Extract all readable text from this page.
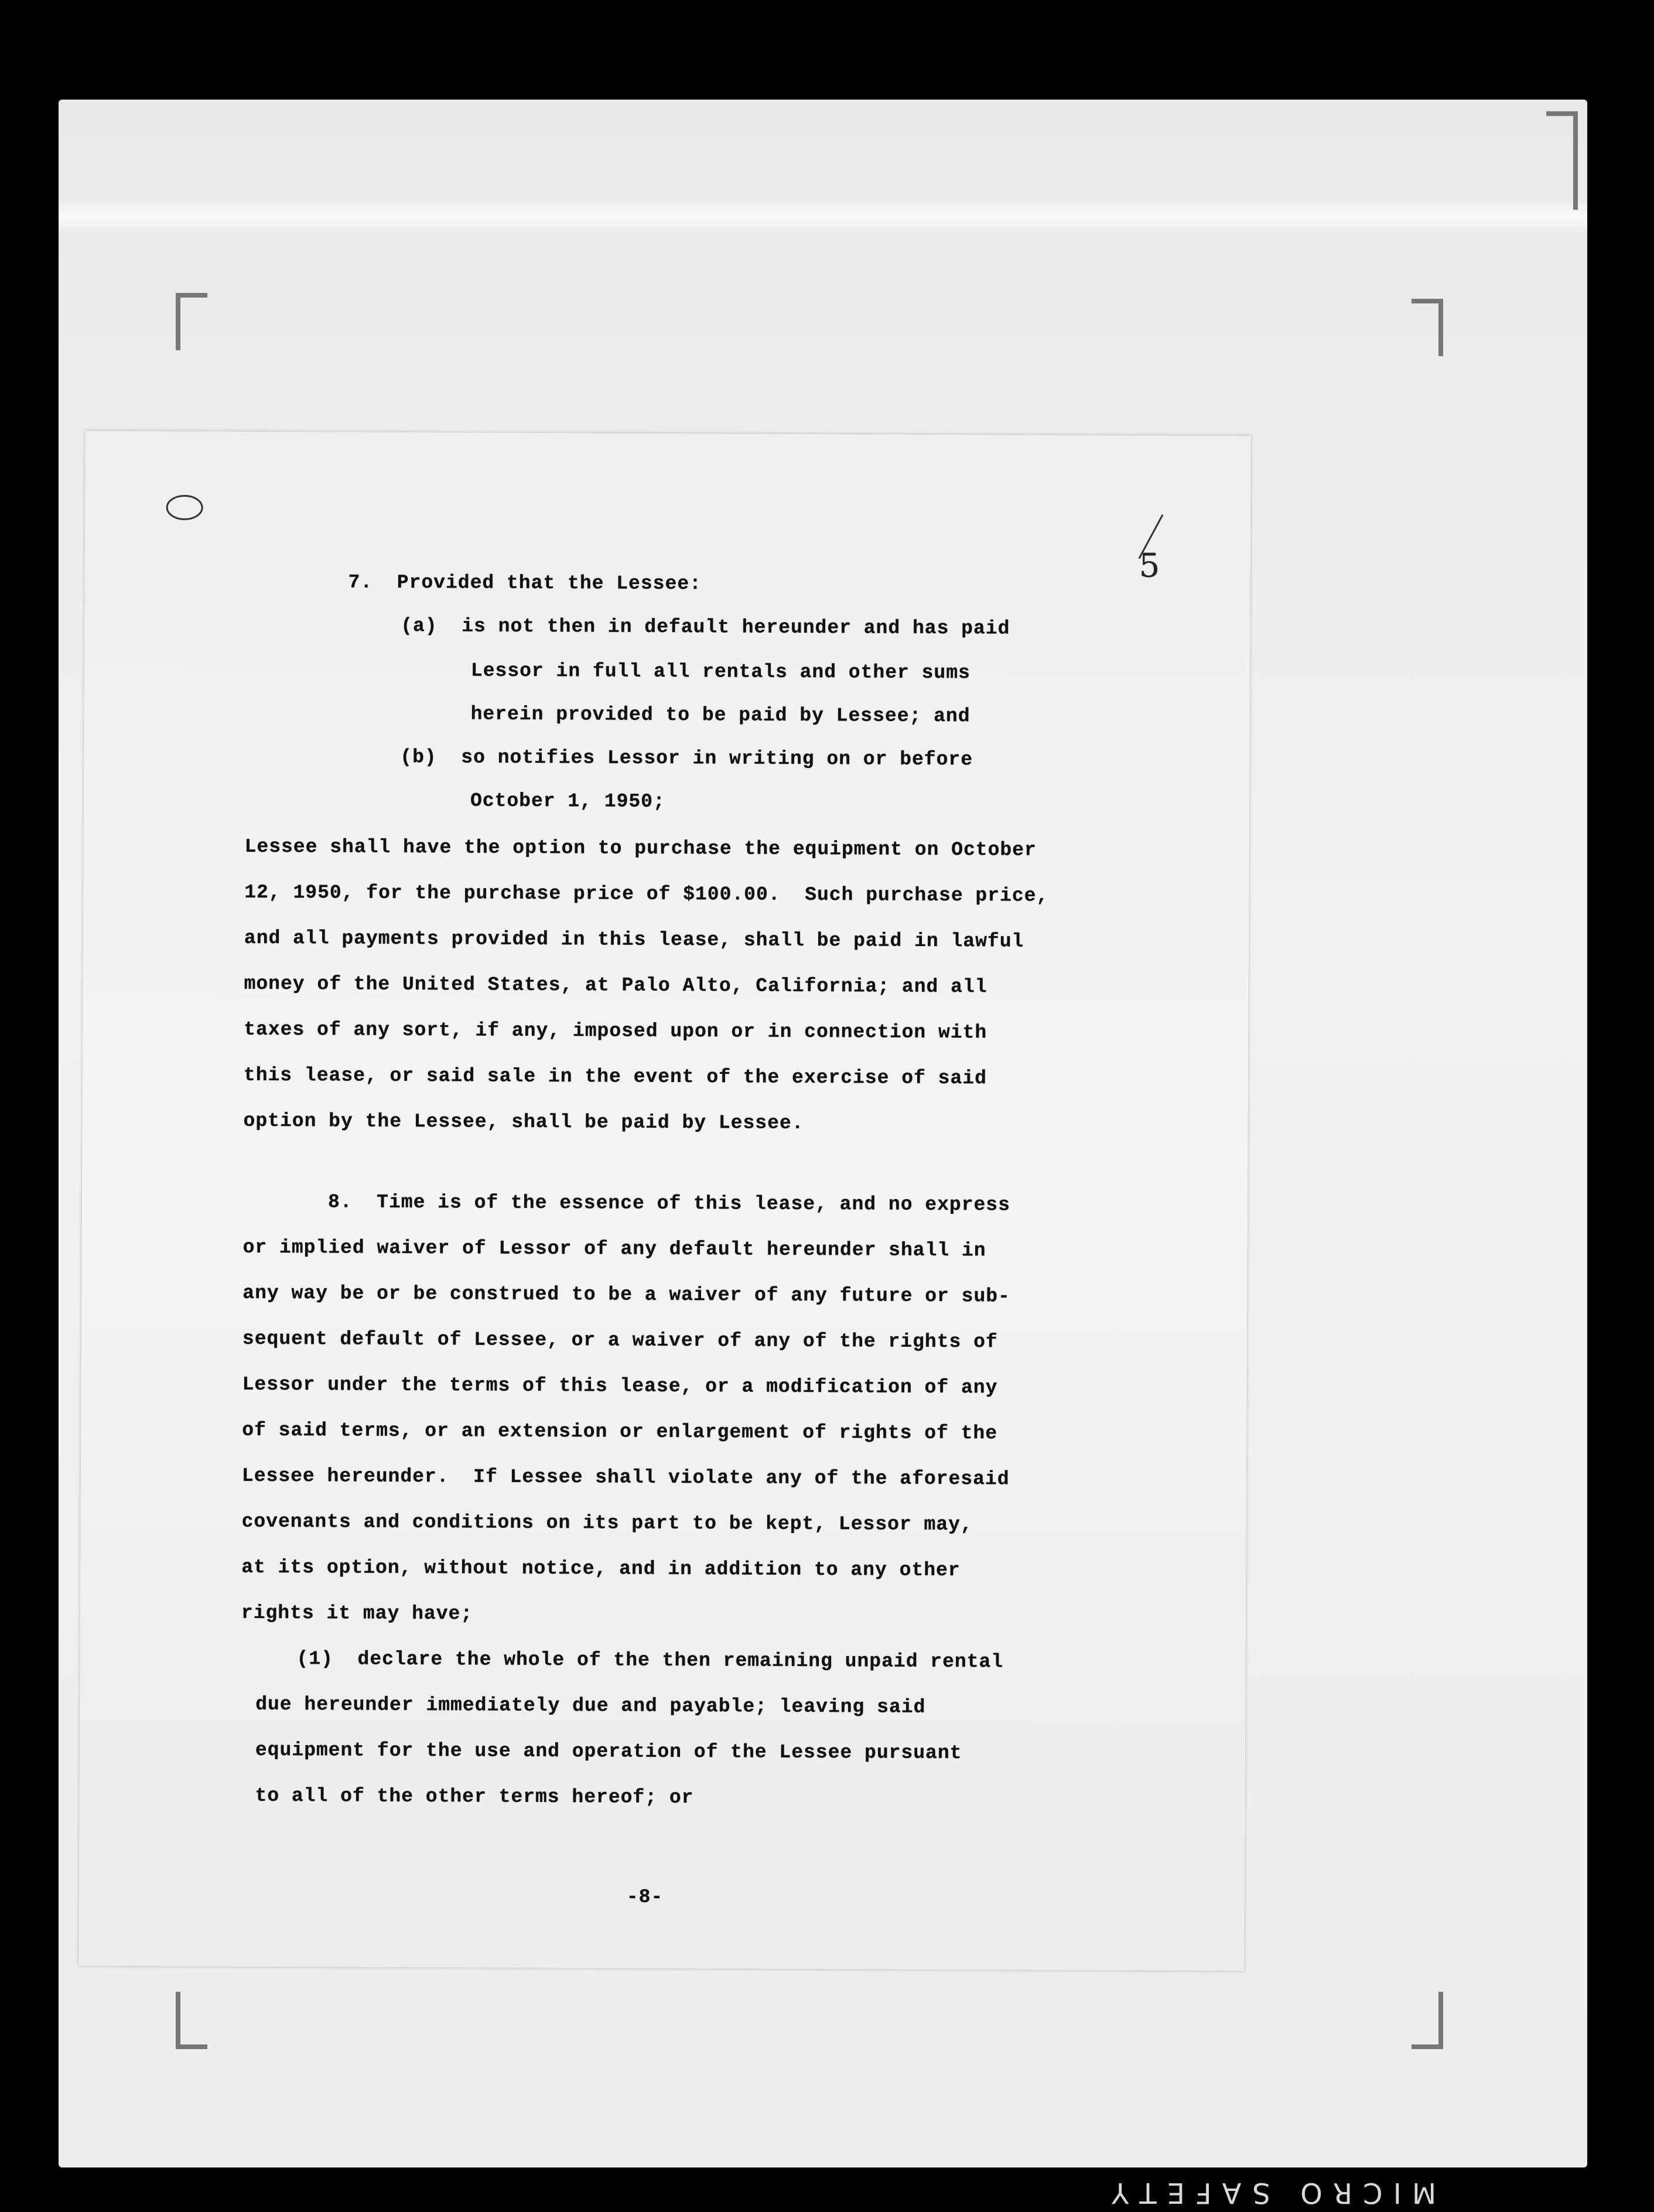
5
7.  Provided that the Lessee:
(a)  is not then in default hereunder and has paid
Lessor in full all rentals and other sums
herein provided to be paid by Lessee; and
(b)  so notifies Lessor in writing on or before
October 1, 1950;
Lessee shall have the option to purchase the equipment on October
12, 1950, for the purchase price of $100.00.  Such purchase price,
and all payments provided in this lease, shall be paid in lawful
money of the United States, at Palo Alto, California; and all
taxes of any sort, if any, imposed upon or in connection with
this lease, or said sale in the event of the exercise of said
option by the Lessee, shall be paid by Lessee.
8.  Time is of the essence of this lease, and no express
or implied waiver of Lessor of any default hereunder shall in
any way be or be construed to be a waiver of any future or sub-
sequent default of Lessee, or a waiver of any of the rights of
Lessor under the terms of this lease, or a modification of any
of said terms, or an extension or enlargement of rights of the
Lessee hereunder.  If Lessee shall violate any of the aforesaid
covenants and conditions on its part to be kept, Lessor may,
at its option, without notice, and in addition to any other
rights it may have;
(1)  declare the whole of the then remaining unpaid rental
due hereunder immediately due and payable; leaving said
equipment for the use and operation of the Lessee pursuant
to all of the other terms hereof; or
-8-
MICRO SAFETY
